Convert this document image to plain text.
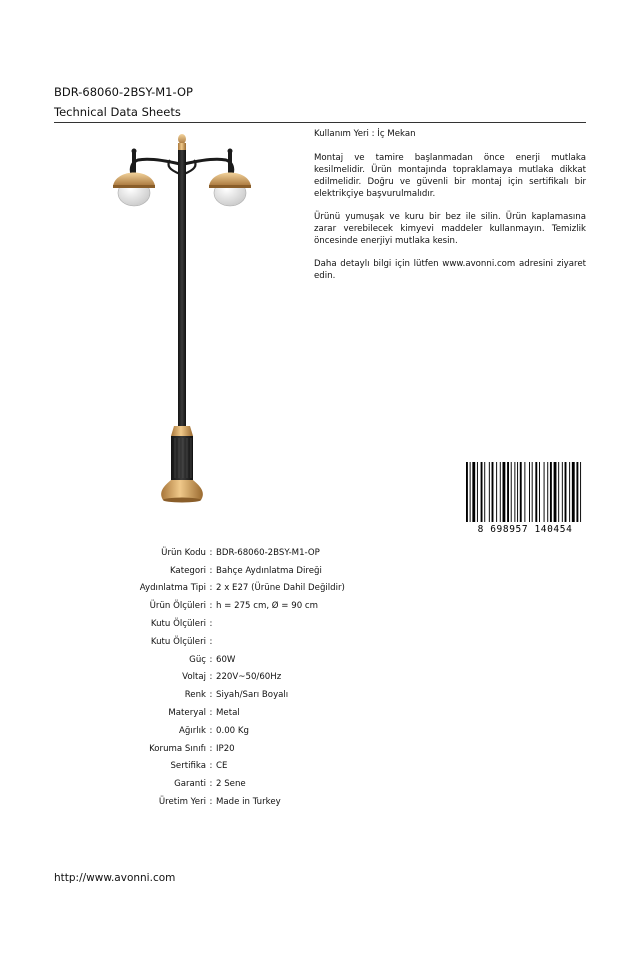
BDR-68060-2BSY-M1-OP
Technical Data Sheets

Kullanım Yeri : İç Mekan

Montaj ve tamire başlanmadan önce enerji mutlaka kesilmelidir. Ürün montajında topraklamaya mutlaka dikkat edilmelidir. Doğru ve güvenli bir montaj için sertifikalı bir elektrikçiye başvurulmalıdır.

Ürünü yumuşak ve kuru bir bez ile silin. Ürün kaplamasına zarar verebilecek kimyevi maddeler kullanmayın. Temizlik öncesinde enerjiyi mutlaka kesin.

Daha detaylı bilgi için lütfen www.avonni.com adresini ziyaret edin.

8 698957 140454
Ürün Kodu : BDR-68060-2BSY-M1-OP
Kategori : Bahçe Aydınlatma Direği
Aydınlatma Tipi : 2 x E27 (Ürüne Dahil Değildir)
Ürün Ölçüleri : h = 275 cm, Ø = 90 cm
Kutu Ölçüleri :
Kutu Ölçüleri :
Güç : 60W
Voltaj : 220V~50/60Hz
Renk : Siyah/Sarı Boyalı
Materyal : Metal
Ağırlık : 0.00 Kg
Koruma Sınıfı : IP20
Sertifika : CE
Garanti : 2 Sene
Üretim Yeri : Made in Turkey
http://www.avonni.com
